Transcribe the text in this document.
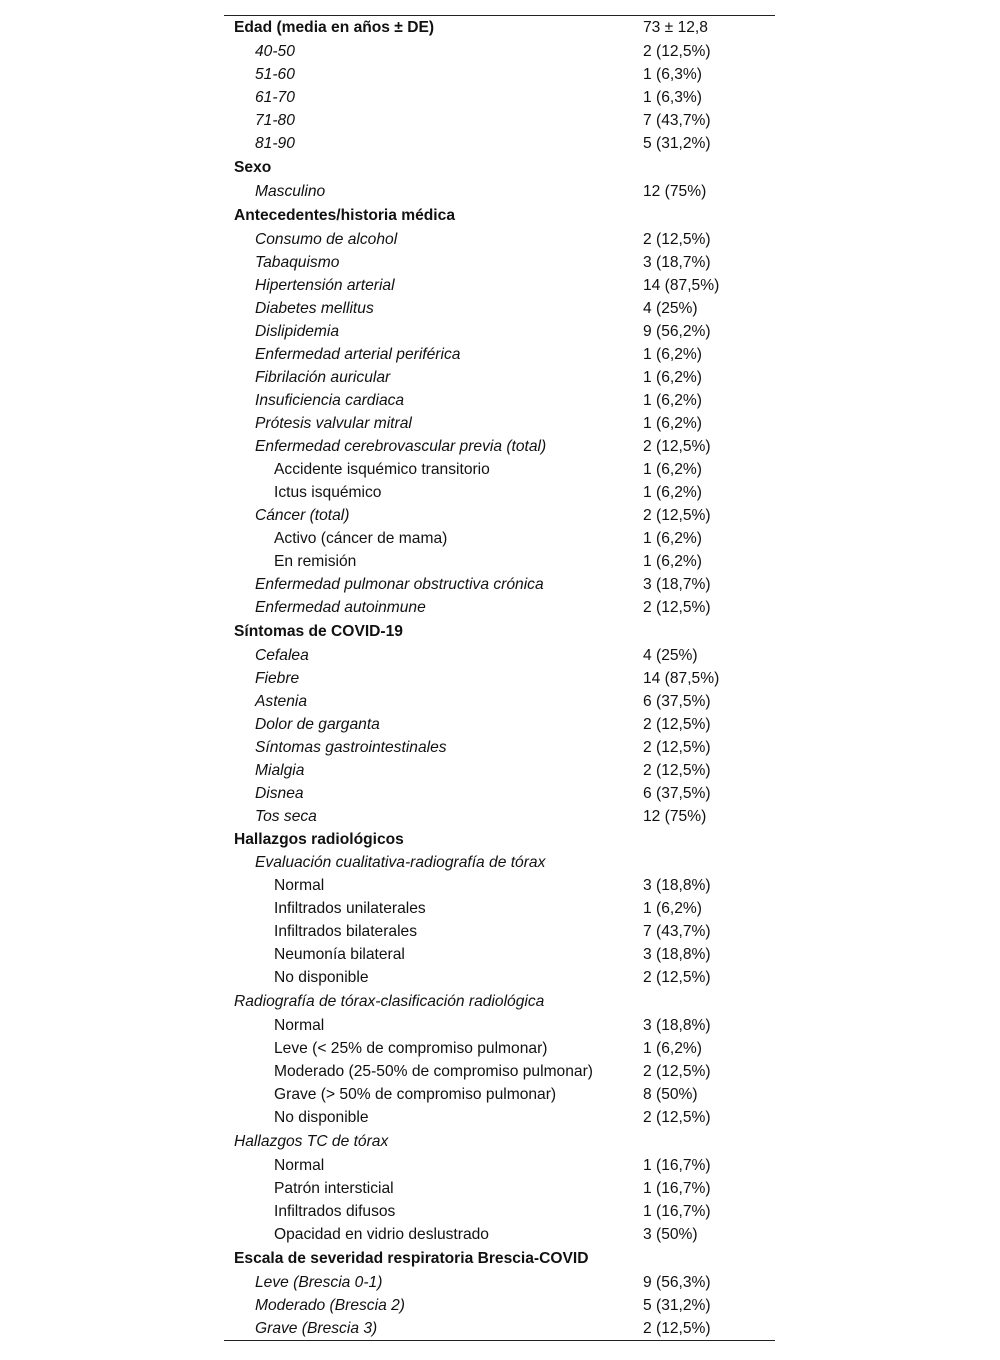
Edad (media en años ± DE)	73 ± 12,8
40-50	2 (12,5%)
51-60	1 (6,3%)
61-70	1 (6,3%)
71-80	7 (43,7%)
81-90	5 (31,2%)
Sexo
Masculino	12 (75%)
Antecedentes/historia médica
Consumo de alcohol	2 (12,5%)
Tabaquismo	3 (18,7%)
Hipertensión arterial	14 (87,5%)
Diabetes mellitus	4 (25%)
Dislipidemia	9 (56,2%)
Enfermedad arterial periférica	1 (6,2%)
Fibrilación auricular	1 (6,2%)
Insuficiencia cardiaca	1 (6,2%)
Prótesis valvular mitral	1 (6,2%)
Enfermedad cerebrovascular previa (total)	2 (12,5%)
Accidente isquémico transitorio	1 (6,2%)
Ictus isquémico	1 (6,2%)
Cáncer (total)	2 (12,5%)
Activo (cáncer de mama)	1 (6,2%)
En remisión	1 (6,2%)
Enfermedad pulmonar obstructiva crónica	3 (18,7%)
Enfermedad autoinmune	2 (12,5%)
Síntomas de COVID-19
Cefalea	4 (25%)
Fiebre	14 (87,5%)
Astenia	6 (37,5%)
Dolor de garganta	2 (12,5%)
Síntomas gastrointestinales	2 (12,5%)
Mialgia	2 (12,5%)
Disnea	6 (37,5%)
Tos seca	12 (75%)
Hallazgos radiológicos
Evaluación cualitativa-radiografía de tórax
Normal	3 (18,8%)
Infiltrados unilaterales	1 (6,2%)
Infiltrados bilaterales	7 (43,7%)
Neumonía bilateral	3 (18,8%)
No disponible	2 (12,5%)
Radiografía de tórax-clasificación radiológica
Normal	3 (18,8%)
Leve (< 25% de compromiso pulmonar)	1 (6,2%)
Moderado (25-50% de compromiso pulmonar)	2 (12,5%)
Grave (> 50% de compromiso pulmonar)	8 (50%)
No disponible	2 (12,5%)
Hallazgos TC de tórax
Normal	1 (16,7%)
Patrón intersticial	1 (16,7%)
Infiltrados difusos	1 (16,7%)
Opacidad en vidrio deslustrado	3 (50%)
Escala de severidad respiratoria Brescia-COVID
Leve (Brescia 0-1)	9 (56,3%)
Moderado (Brescia 2)	5 (31,2%)
Grave (Brescia 3)	2 (12,5%)
